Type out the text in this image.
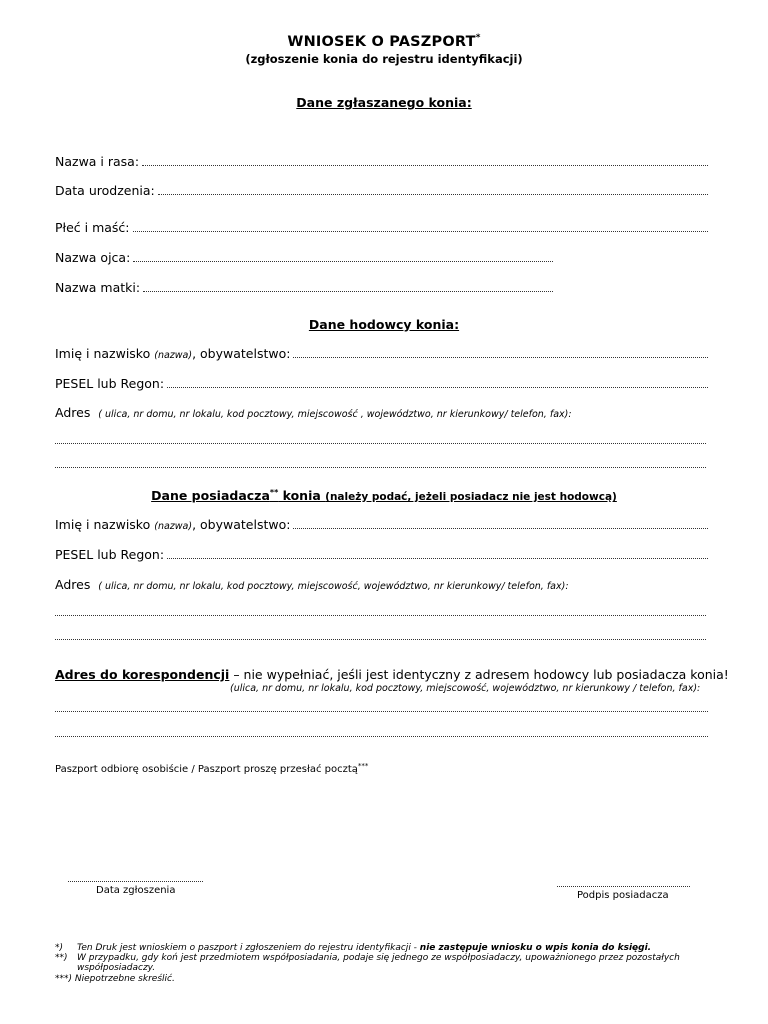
WNIOSEK O PASZPORT*
(zgłoszenie konia do rejestru identyfikacji)
Dane zgłaszanego konia:
Nazwa i rasa:
Data urodzenia:
Płeć i maść:
Nazwa ojca:
Nazwa matki:
Dane hodowcy konia:
Imię i nazwisko (nazwa), obywatelstwo:
PESEL lub Regon:
Adres ( ulica, nr domu, nr lokalu, kod pocztowy, miejscowość , województwo, nr kierunkowy/ telefon, fax):
Dane posiadacza** konia (należy podać, jeżeli posiadacz nie jest hodowcą)
Imię i nazwisko (nazwa), obywatelstwo:
PESEL lub Regon:
Adres ( ulica, nr domu, nr lokalu, kod pocztowy, miejscowość, województwo, nr kierunkowy/ telefon, fax):
Adres do korespondencji – nie wypełniać, jeśli jest identyczny z adresem hodowcy lub posiadacza konia!
(ulica, nr domu, nr lokalu, kod pocztowy, miejscowość, województwo, nr kierunkowy / telefon, fax):
Paszport odbiorę osobiście / Paszport proszę przesłać pocztą***
Data zgłoszenia	Podpis posiadacza
*) Ten Druk jest wnioskiem o paszport i zgłoszeniem do rejestru identyfikacji - nie zastępuje wniosku o wpis konia do księgi.
**) W przypadku, gdy koń jest przedmiotem współposiadania, podaje się jednego ze współposiadaczy, upoważnionego przez pozostałych
współposiadaczy.
***) Niepotrzebne skreślić.
